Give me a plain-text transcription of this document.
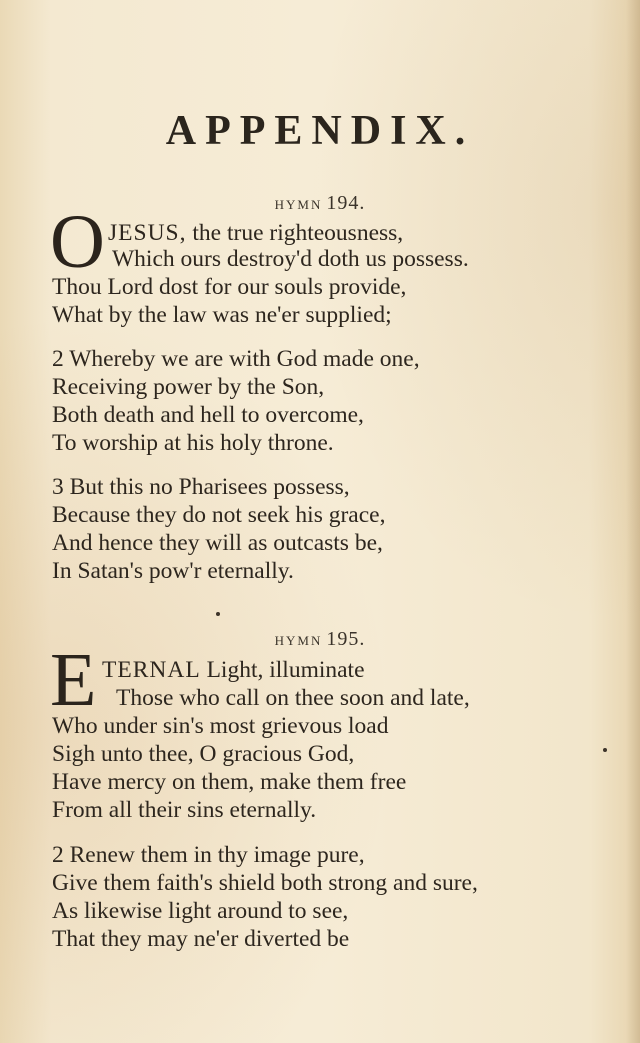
APPENDIX.
HYMN 194.
O JESUS, the true righteousness,
Which ours destroy'd doth us possess.
Thou Lord dost for our souls provide,
What by the law was ne'er supplied;
2 Whereby we are with God made one,
Receiving power by the Son,
Both death and hell to overcome,
To worship at his holy throne.
3 But this no Pharisees possess,
Because they do not seek his grace,
And hence they will as outcasts be,
In Satan's pow'r eternally.
HYMN 195.
E TERNAL Light, illuminate
Those who call on thee soon and late,
Who under sin's most grievous load
Sigh unto thee, O gracious God,
Have mercy on them, make them free
From all their sins eternally.
2 Renew them in thy image pure,
Give them faith's shield both strong and sure,
As likewise light around to see,
That they may ne'er diverted be
